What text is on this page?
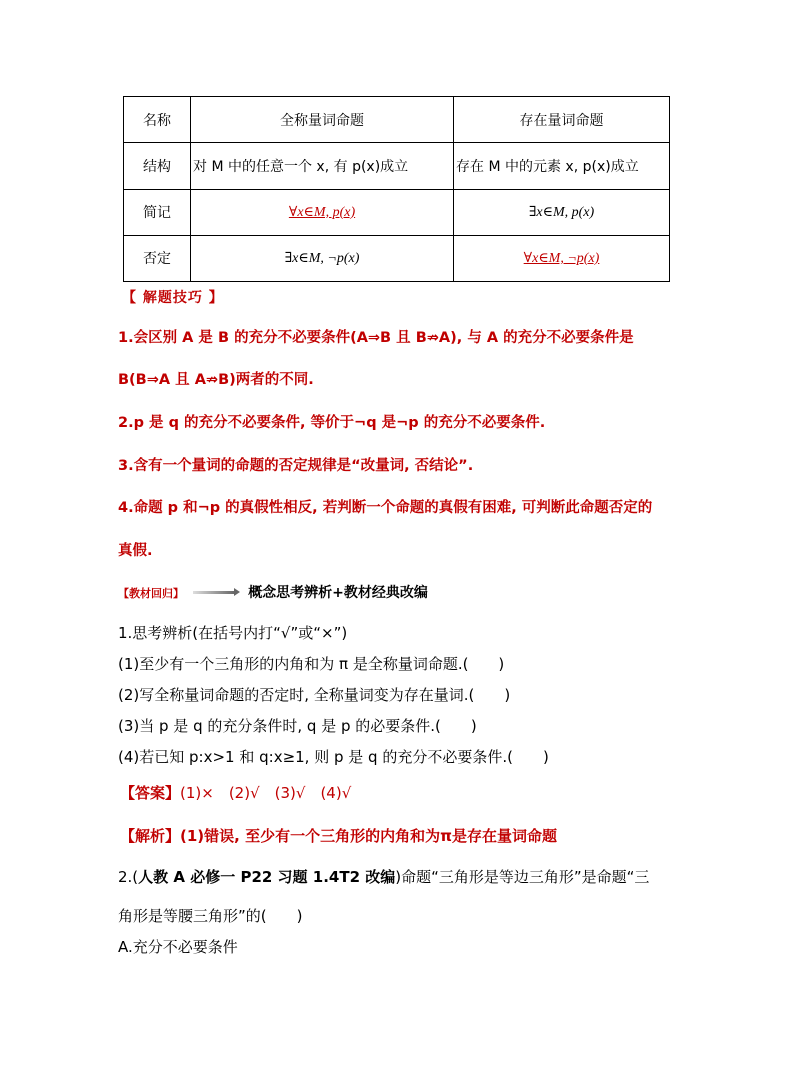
名称	全称量词命题	存在量词命题
结构	对 M 中的任意一个 x, 有 p(x)成立	存在 M 中的元素 x, p(x)成立
简记	∀x∈M, p(x)	∃x∈M, p(x)
否定	∃x∈M, ¬p(x)	∀x∈M, ¬p(x)
【 解题技巧 】
1.会区别 A 是 B 的充分不必要条件(A⇒B 且 B⇏A), 与 A 的充分不必要条件是
B(B⇒A 且 A⇏B)两者的不同.
2.p 是 q 的充分不必要条件, 等价于¬q 是¬p 的充分不必要条件.
3.含有一个量词的命题的否定规律是“改量词, 否结论”.
4.命题 p 和¬p 的真假性相反, 若判断一个命题的真假有困难, 可判断此命题否定的
真假.
【教材回归】	概念思考辨析+教材经典改编
1.思考辨析(在括号内打“√”或“×”)
(1)至少有一个三角形的内角和为 π 是全称量词命题.(　　)
(2)写全称量词命题的否定时, 全称量词变为存在量词.(　　)
(3)当 p 是 q 的充分条件时, q 是 p 的必要条件.(　　)
(4)若已知 p:x>1 和 q:x≥1, 则 p 是 q 的充分不必要条件.(　　)
【答案】(1)×　(2)√　(3)√　(4)√
【解析】(1)错误, 至少有一个三角形的内角和为π是存在量词命题
2.(人教 A 必修一 P22 习题 1.4T2 改编)命题“三角形是等边三角形”是命题“三
角形是等腰三角形”的(　　)
A.充分不必要条件
